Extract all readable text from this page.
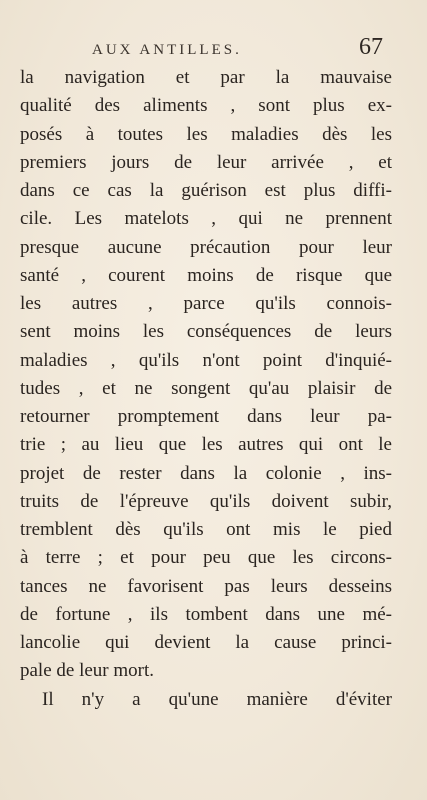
AUX ANTILLES.	67
la navigation et par la mauvaise
qualité des aliments , sont plus ex-
posés à toutes les maladies dès les
premiers jours de leur arrivée , et
dans ce cas la guérison est plus diffi-
cile. Les matelots , qui ne prennent
presque aucune précaution pour leur
santé , courent moins de risque que
les autres , parce qu'ils connois-
sent moins les conséquences de leurs
maladies , qu'ils n'ont point d'inquié-
tudes , et ne songent qu'au plaisir de
retourner promptement dans leur pa-
trie ; au lieu que les autres qui ont le
projet de rester dans la colonie , ins-
truits de l'épreuve qu'ils doivent subir,
tremblent dès qu'ils ont mis le pied
à terre ; et pour peu que les circons-
tances ne favorisent pas leurs desseins
de fortune , ils tombent dans une mé-
lancolie qui devient la cause princi-
pale de leur mort.
Il n'y a qu'une manière d'éviter
